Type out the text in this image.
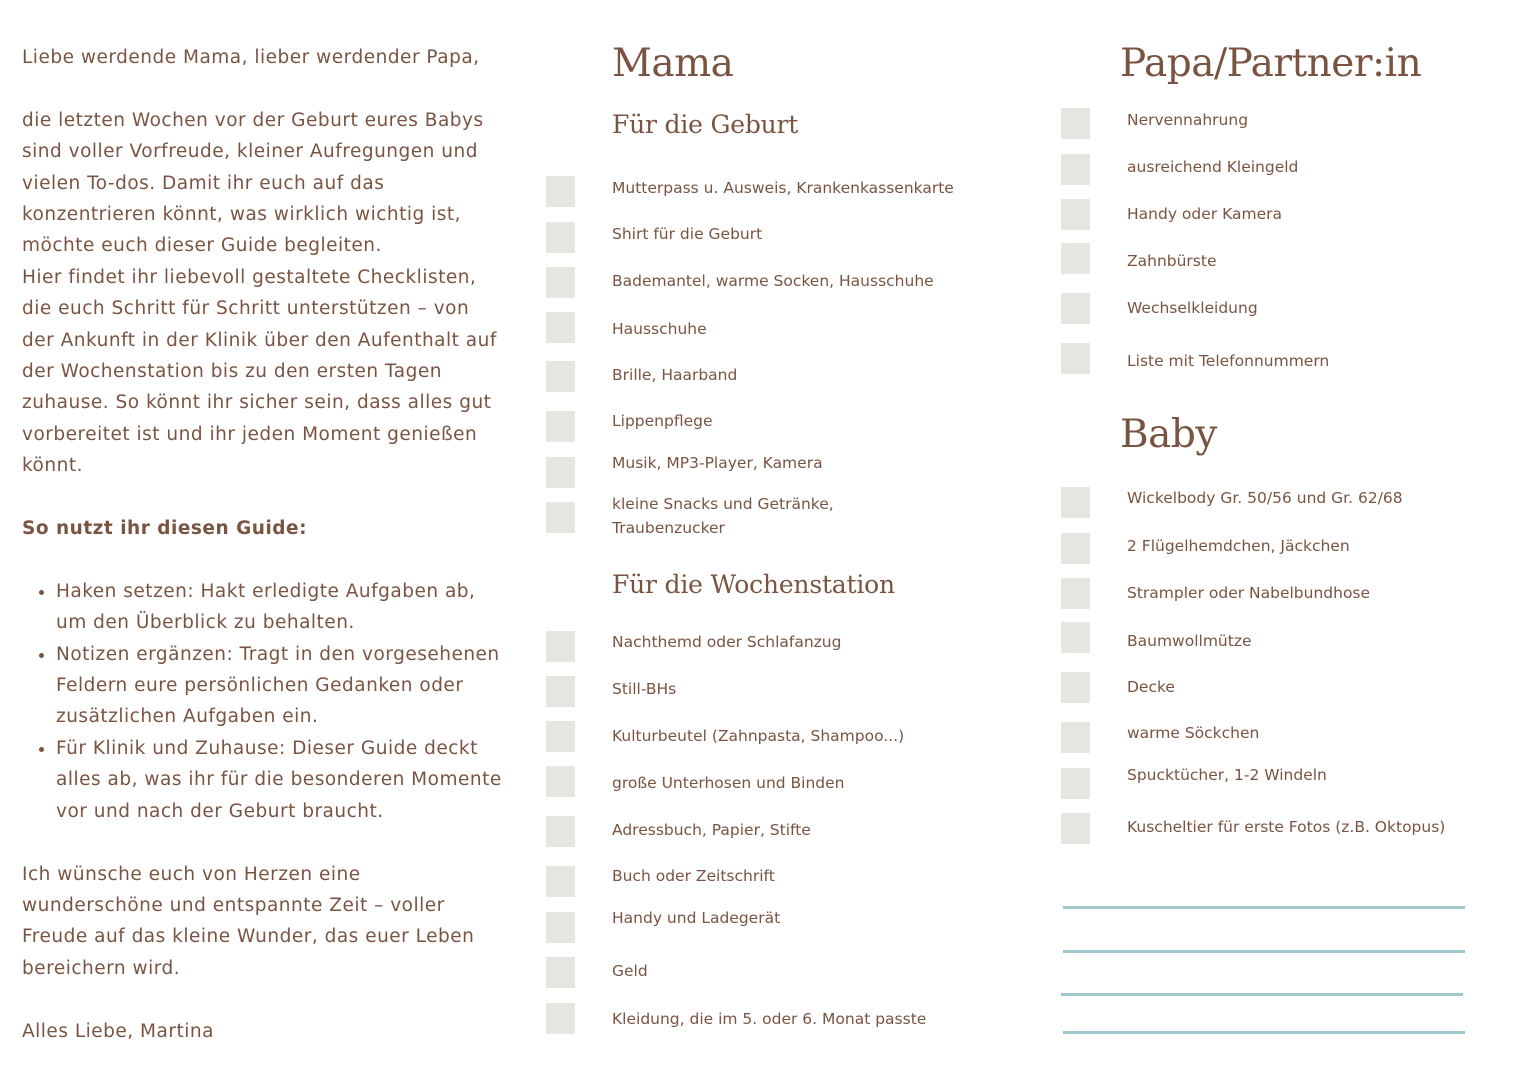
Liebe werdende Mama, lieber werdender Papa,

die letzten Wochen vor der Geburt eures Babys sind voller Vorfreude, kleiner Aufregungen und vielen To-dos. Damit ihr euch auf das konzentrieren könnt, was wirklich wichtig ist, möchte euch dieser Guide begleiten.

Hier findet ihr liebevoll gestaltete Checklisten, die euch Schritt für Schritt unterstützen – von der Ankunft in der Klinik über den Aufenthalt auf der Wochenstation bis zu den ersten Tagen zuhause. So könnt ihr sicher sein, dass alles gut vorbereitet ist und ihr jeden Moment genießen könnt.

So nutzt ihr diesen Guide:

• Haken setzen: Hakt erledigte Aufgaben ab, um den Überblick zu behalten.
• Notizen ergänzen: Tragt in den vorgesehenen Feldern eure persönlichen Gedanken oder zusätzlichen Aufgaben ein.
• Für Klinik und Zuhause: Dieser Guide deckt alles ab, was ihr für die besonderen Momente vor und nach der Geburt braucht.

Ich wünsche euch von Herzen eine wunderschöne und entspannte Zeit – voller Freude auf das kleine Wunder, das euer Leben bereichern wird.

Alles Liebe, Martina

Mama
Für die Geburt
Mutterpass u. Ausweis, Krankenkassenkarte
Shirt für die Geburt
Bademantel, warme Socken, Hausschuhe
Hausschuhe
Brille, Haarband
Lippenpflege
Musik, MP3-Player, Kamera
kleine Snacks und Getränke,
Traubenzucker
Für die Wochenstation
Nachthemd oder Schlafanzug
Still-BHs
Kulturbeutel (Zahnpasta, Shampoo...)
große Unterhosen und Binden
Adressbuch, Papier, Stifte
Buch oder Zeitschrift
Handy und Ladegerät
Geld
Kleidung, die im 5. oder 6. Monat passte
Papa/Partner:in
Nervennahrung
ausreichend Kleingeld
Handy oder Kamera
Zahnbürste
Wechselkleidung
Liste mit Telefonnummern
Baby
Wickelbody Gr. 50/56 und Gr. 62/68
2 Flügelhemdchen, Jäckchen
Strampler oder Nabelbundhose
Baumwollmütze
Decke
warme Söckchen
Spucktücher, 1-2 Windeln
Kuscheltier für erste Fotos (z.B. Oktopus)
